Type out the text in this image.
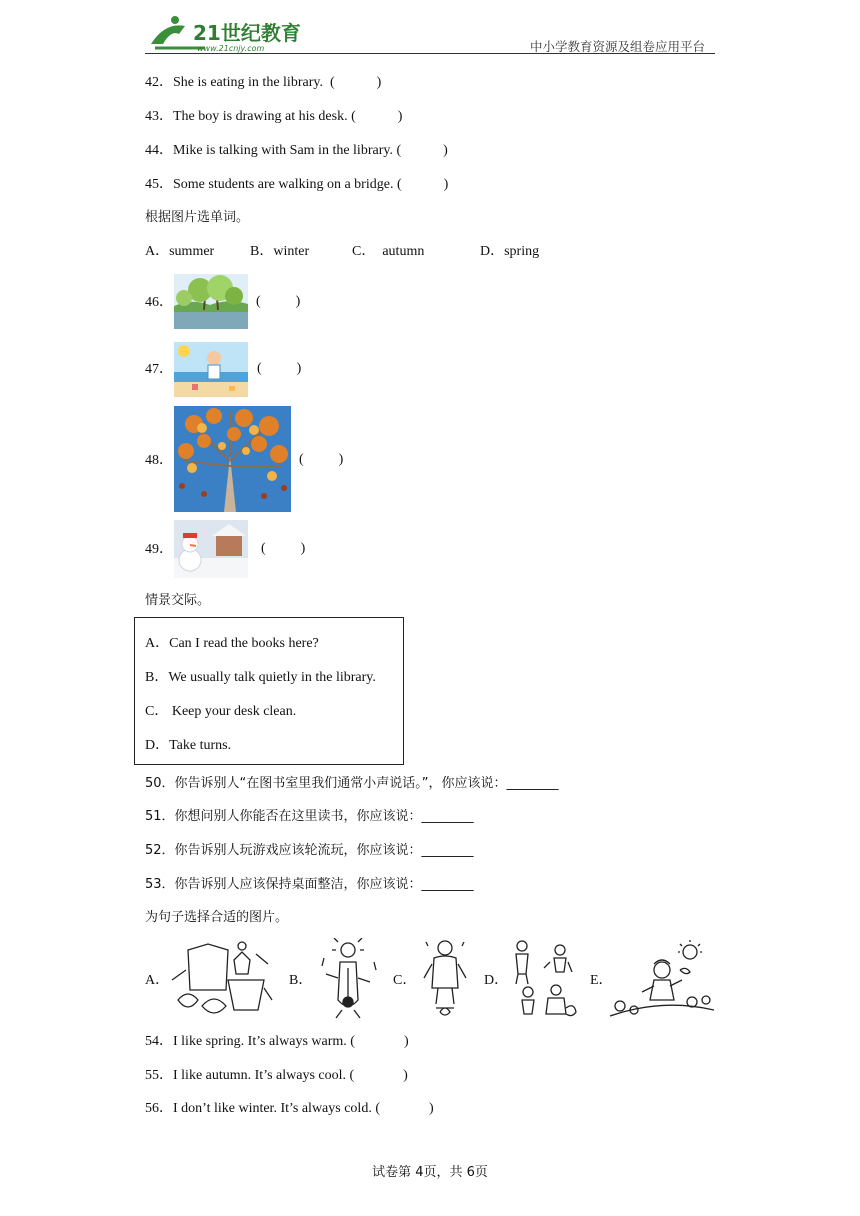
21世纪教育
www.21cnjy.com	中小学教育资源及组卷应用平台
42．She is eating in the library.  (            )
43．The boy is drawing at his desk. (            )
44．Mike is talking with Sam in the library. (            )
45．Some students are walking on a bridge. (            )
根据图片选单词。
A．summer	B．winter	C．  autumn	D．spring
46．	(          )
47．	(          )
48．	(          )
49．	(          )
情景交际。
A．Can I read the books here?
B．We usually talk quietly in the library.
C． Keep your desk clean.
D．Take turns.
50．你告诉别人“在图书室里我们通常小声说话。”，你应该说：________
51．你想问别人你能否在这里读书，你应该说：________
52．你告诉别人玩游戏应该轮流玩，你应该说：________
53．你告诉别人应该保持桌面整洁，你应该说：________
为句子选择合适的图片。
A．	B．	C．	D．	E．
54．I like spring. It’s always warm. (              )
55．I like autumn. It’s always cool. (              )
56．I don’t like winter. It’s always cold. (              )
试卷第 4页，共 6页
